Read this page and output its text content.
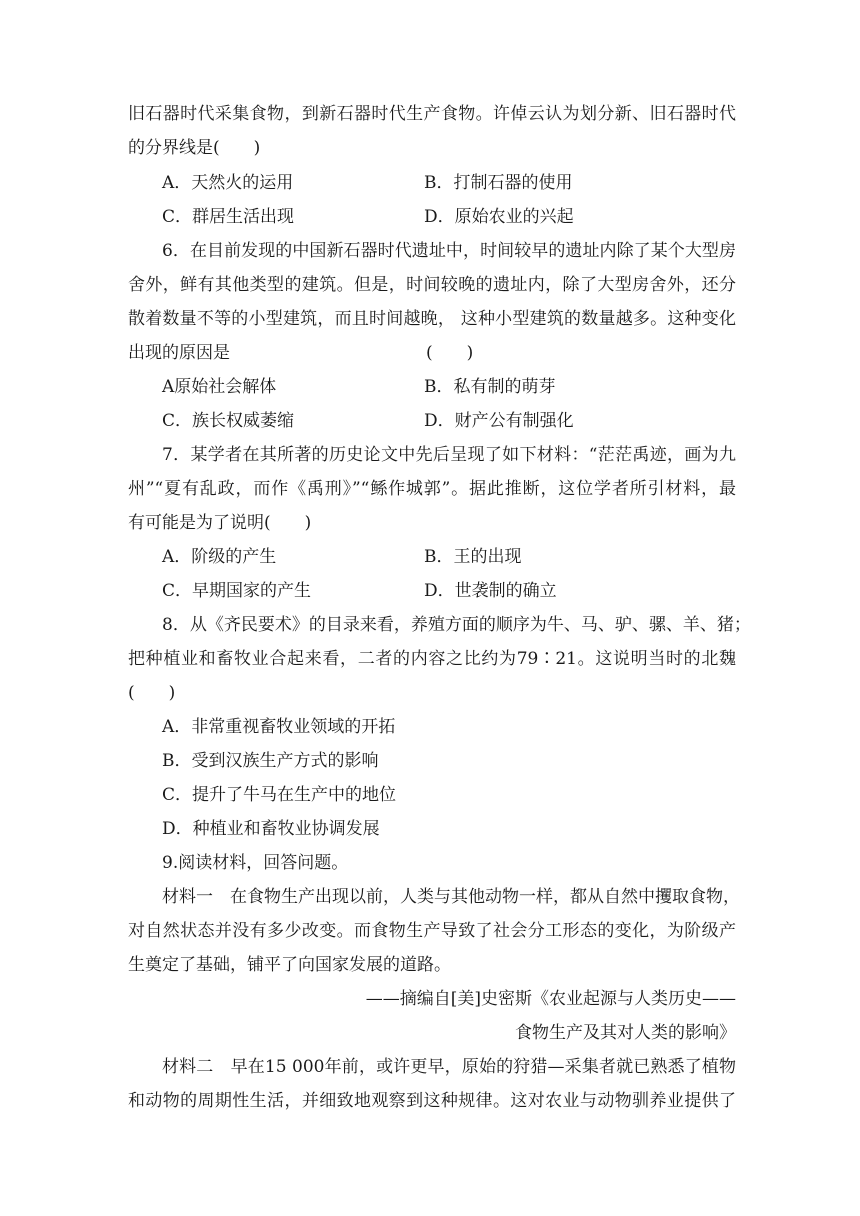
旧石器时代采集食物，到新石器时代生产食物。许倬云认为划分新、旧石器时代
的分界线是(　　)
A．天然火的运用	B．打制石器的使用
C．群居生活出现	D．原始农业的兴起
6．在目前发现的中国新石器时代遗址中，时间较早的遗址内除了某个大型房
舍外，鲜有其他类型的建筑。但是，时间较晚的遗址内，除了大型房舍外，还分
散着数量不等的小型建筑，而且时间越晚， 这种小型建筑的数量越多。这种变化
出现的原因是	(　　)
A原始社会解体	B．私有制的萌芽
C．族长权威萎缩	D．财产公有制强化
7．某学者在其所著的历史论文中先后呈现了如下材料：“茫茫禹迹，画为九
州”“夏有乱政，而作《禹刑》”“鲧作城郭”。据此推断，这位学者所引材料，最
有可能是为了说明(　　)
A．阶级的产生	B．王的出现
C．早期国家的产生	D．世袭制的确立
8．从《齐民要术》的目录来看，养殖方面的顺序为牛、马、驴、骡、羊、猪；
把种植业和畜牧业合起来看，二者的内容之比约为79∶21。这说明当时的北魏
(　　)
A．非常重视畜牧业领域的开拓
B．受到汉族生产方式的影响
C．提升了牛马在生产中的地位
D．种植业和畜牧业协调发展
9.阅读材料，回答问题。
材料一　在食物生产出现以前，人类与其他动物一样，都从自然中攫取食物，
对自然状态并没有多少改变。而食物生产导致了社会分工形态的变化，为阶级产
生奠定了基础，铺平了向国家发展的道路。
——摘编自[美]史密斯《农业起源与人类历史——
食物生产及其对人类的影响》
材料二　早在15 000年前，或许更早，原始的狩猎—采集者就已熟悉了植物
和动物的周期性生活，并细致地观察到这种规律。这对农业与动物驯养业提供了
